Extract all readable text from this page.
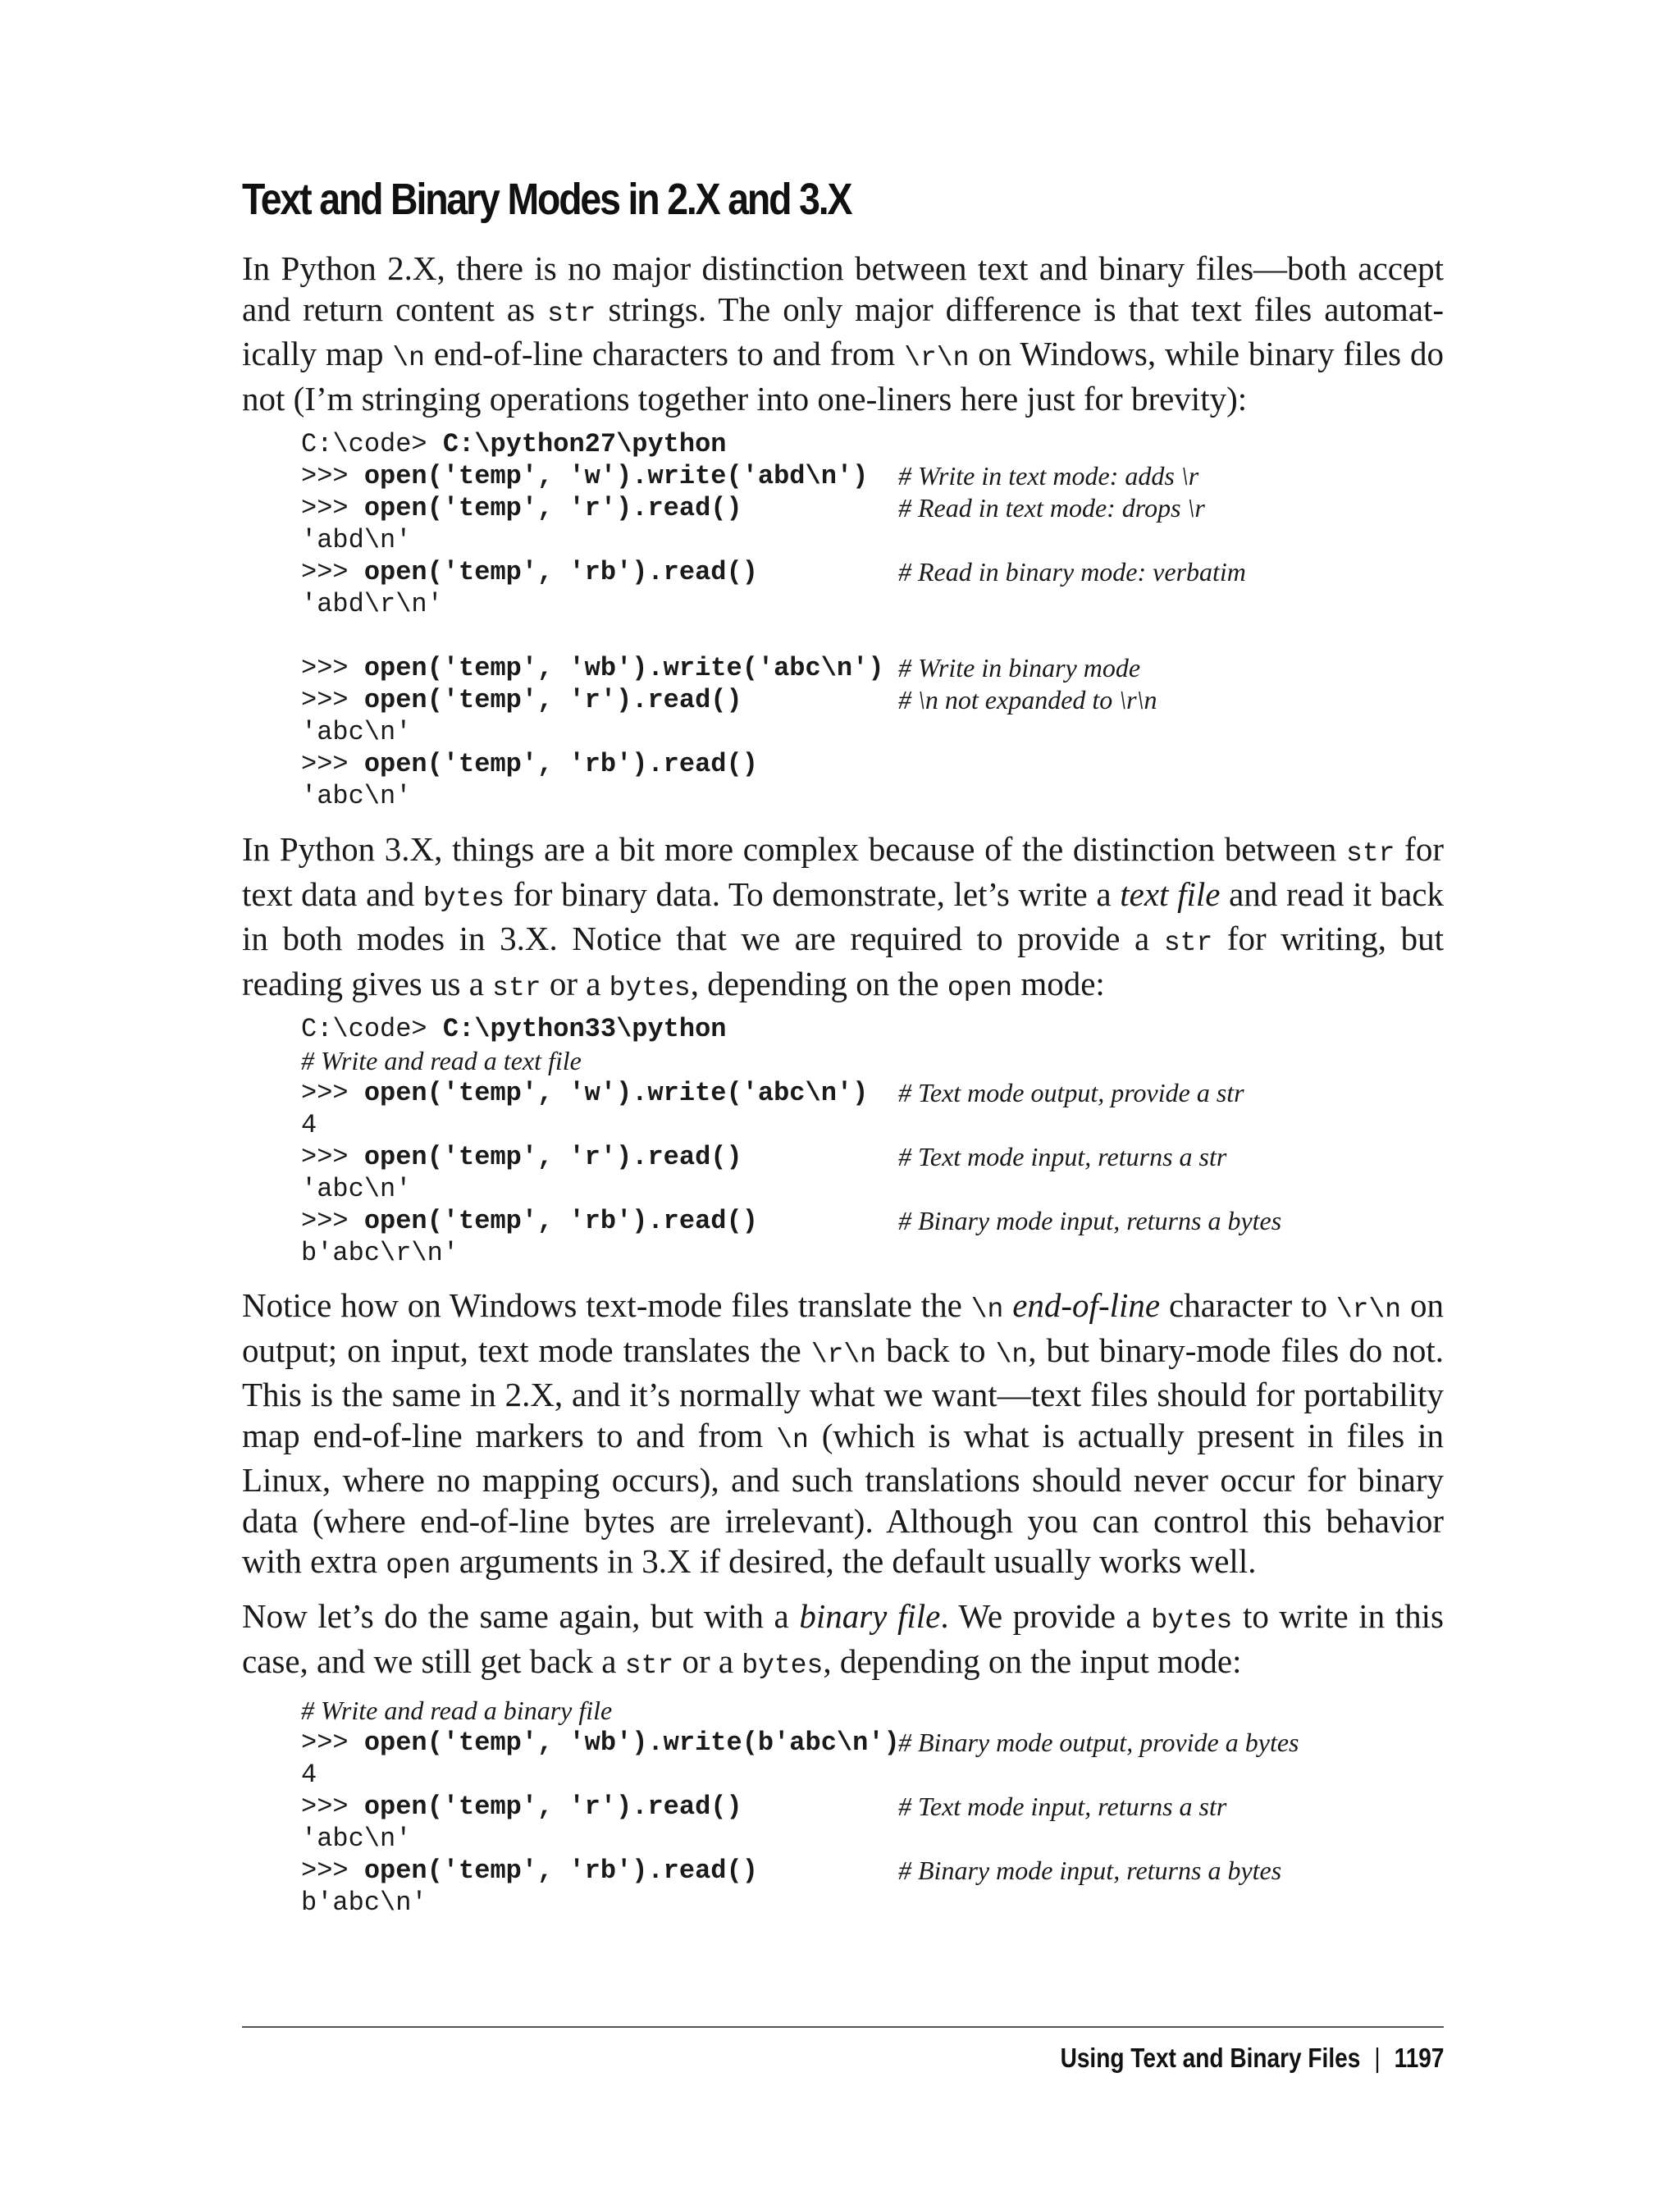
Text and Binary Modes in 2.X and 3.X

In Python 2.X, there is no major distinction between text and binary files—both accept and return content as str strings. The only major difference is that text files automatically map \n end-of-line characters to and from \r\n on Windows, while binary files do not (I’m stringing operations together into one-liners here just for brevity):

C:\code> C:\python27\python
>>> open('temp', 'w').write('abd\n') # Write in text mode: adds \r
>>> open('temp', 'r').read()	# Read in text mode: drops \r
'abd\n'
>>> open('temp', 'rb').read()	# Read in binary mode: verbatim
'abd\r\n'
>>> open('temp', 'wb').write('abc\n') # Write in binary mode
>>> open('temp', 'r').read()	# \n not expanded to \r\n
'abc\n'
>>> open('temp', 'rb').read()
'abc\n'

In Python 3.X, things are a bit more complex because of the distinction between str for text data and bytes for binary data. To demonstrate, let’s write a text file and read it back in both modes in 3.X. Notice that we are required to provide a str for writing, but reading gives us a str or a bytes, depending on the open mode:

C:\code> C:\python33\python
# Write and read a text file
>>> open('temp', 'w').write('abc\n') # Text mode output, provide a str
4
>>> open('temp', 'r').read()	# Text mode input, returns a str
'abc\n'
>>> open('temp', 'rb').read()	# Binary mode input, returns a bytes
b'abc\r\n'

Notice how on Windows text-mode files translate the \n end-of-line character to \r\n on output; on input, text mode translates the \r\n back to \n, but binary-mode files do not. This is the same in 2.X, and it’s normally what we want—text files should for portability map end-of-line markers to and from \n (which is what is actually present in files in Linux, where no mapping occurs), and such translations should never occur for binary data (where end-of-line bytes are irrelevant). Although you can control this behavior with extra open arguments in 3.X if desired, the default usually works well.

Now let’s do the same again, but with a binary file. We provide a bytes to write in this case, and we still get back a str or a bytes, depending on the input mode:

# Write and read a binary file
>>> open('temp', 'wb').write(b'abc\n')
# Binary mode output, provide a bytes
4
>>> open('temp', 'r').read()	# Text mode input, returns a str
'abc\n'
>>> open('temp', 'rb').read()	# Binary mode input, returns a bytes
b'abc\n'
Using Text and Binary Files | 1197
